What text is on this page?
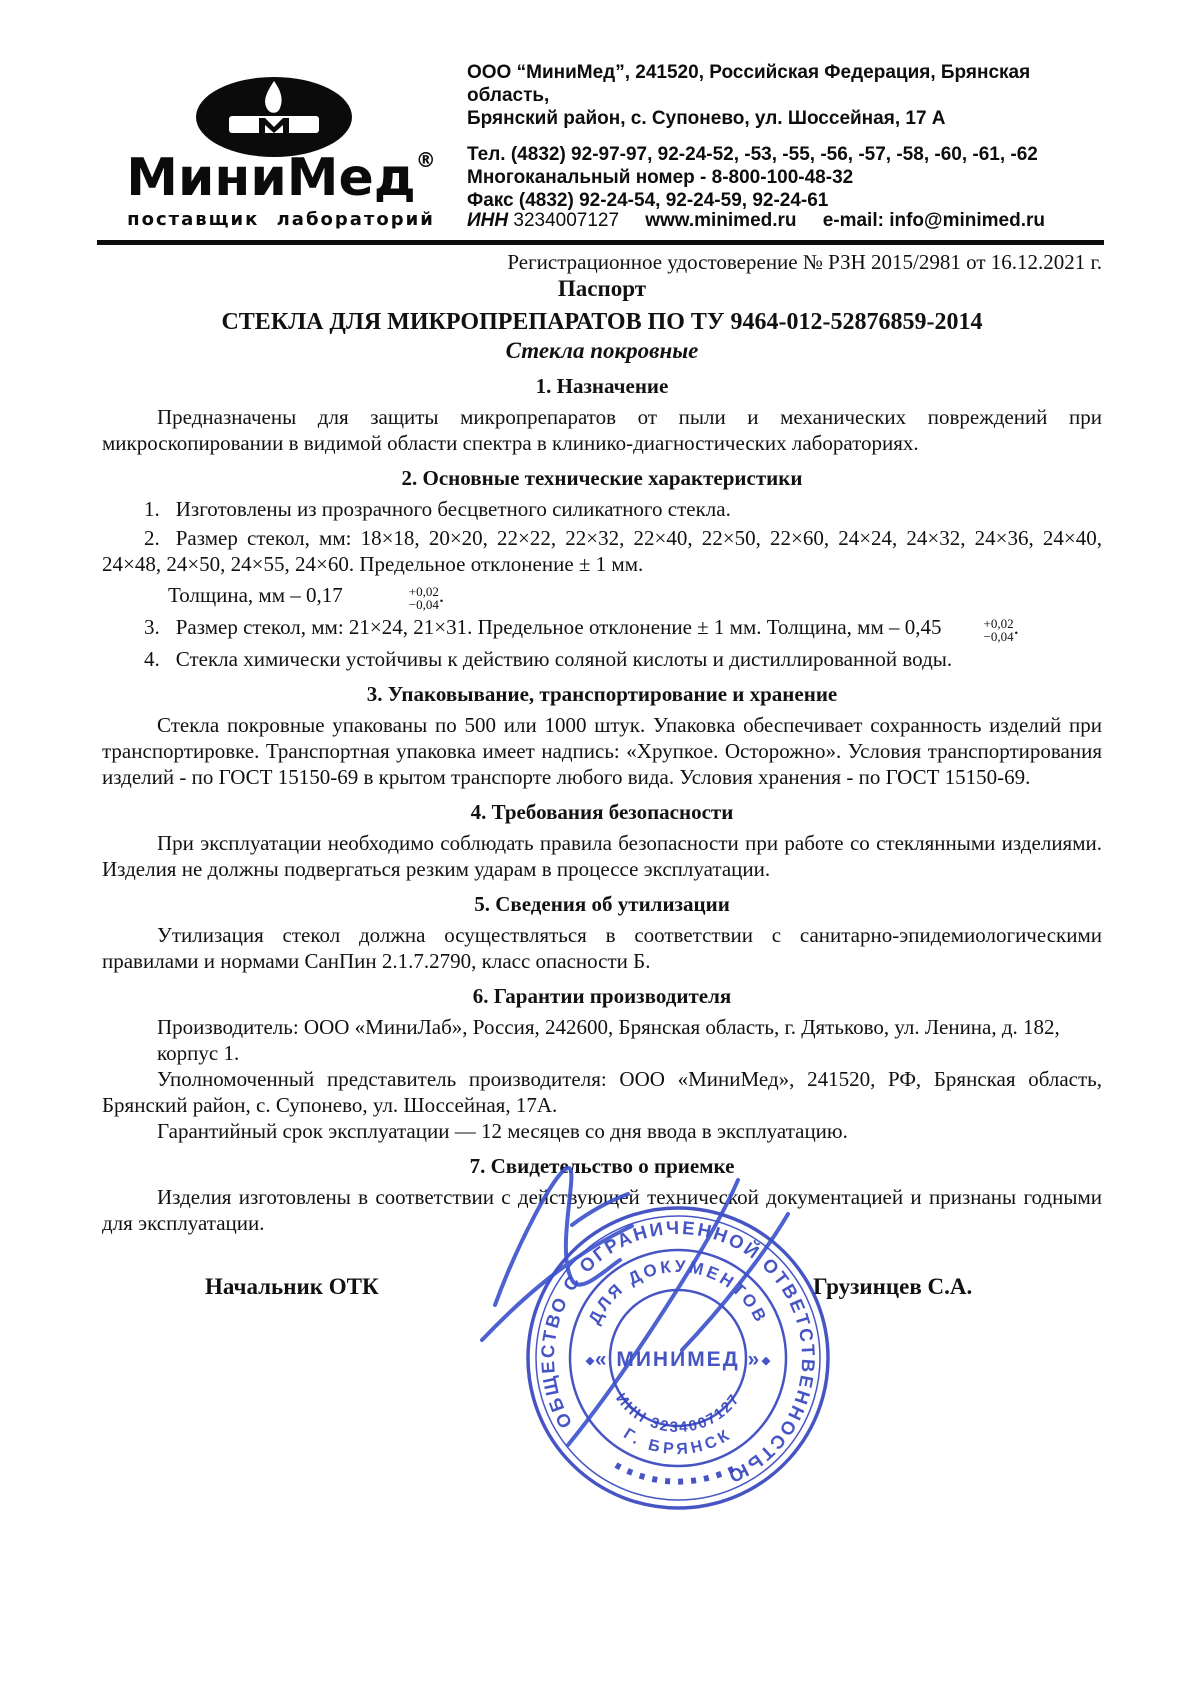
МиниМед®
поставщик лабораторий
ООО “МиниМед”, 241520, Российская Федерация, Брянская область,
Брянский район, с. Супонево, ул. Шоссейная, 17 А
Тел. (4832) 92-97-97, 92-24-52, -53, -55, -56, -57, -58, -60, -61, -62
Многоканальный номер - 8-800-100-48-32
Факс (4832) 92-24-54, 92-24-59, 92-24-61
ИНН 3234007127 www.minimed.ru e-mail: info@minimed.ru
Регистрационное удостоверение № РЗН 2015/2981 от 16.12.2021 г.
Паспорт
СТЕКЛА ДЛЯ МИКРОПРЕПАРАТОВ ПО ТУ 9464-012-52876859-2014
Стекла покровные
1. Назначение

Предназначены для защиты микропрепаратов от пыли и механических повреждений при микроскопировании в видимой области спектра в клинико-диагностических лабораториях.

2. Основные технические характеристики

1. Изготовлены из прозрачного бесцветного силикатного стекла.

2. Размер стекол, мм: 18×18, 20×20, 22×22, 22×32, 22×40, 22×50, 22×60, 24×24, 24×32, 24×36, 24×40, 24×48, 24×50, 24×55, 24×60. Предельное отклонение ± 1 мм.

Толщина, мм – 0,17	+0,02
−0,04 .

3. Размер стекол, мм: 21×24, 21×31. Предельное отклонение ± 1 мм. Толщина, мм – 0,45	+0,02
−0,04 .

4. Стекла химически устойчивы к действию соляной кислоты и дистиллированной воды.

3. Упаковывание, транспортирование и хранение

Стекла покровные упакованы по 500 или 1000 штук. Упаковка обеспечивает сохранность изделий при транспортировке. Транспортная упаковка имеет надпись: «Хрупкое. Осторожно». Условия транспортирования изделий - по ГОСТ 15150-69 в крытом транспорте любого вида. Условия хранения - по ГОСТ 15150-69.

4. Требования безопасности

При эксплуатации необходимо соблюдать правила безопасности при работе со стеклянными изделиями. Изделия не должны подвергаться резким ударам в процессе эксплуатации.

5. Сведения об утилизации

Утилизация стекол должна осуществляться в соответствии с санитарно-эпидемиологическими правилами и нормами СанПин 2.1.7.2790, класс опасности Б.

6. Гарантии производителя

Производитель: ООО «МиниЛаб», Россия, 242600, Брянская область, г. Дятьково, ул. Ленина, д. 182,

корпус 1.

Уполномоченный представитель производителя: ООО «МиниМед», 241520, РФ, Брянская область, Брянский район, с. Супонево, ул. Шоссейная, 17А.

Гарантийный срок эксплуатации — 12 месяцев со дня ввода в эксплуатацию.

7. Свидетельство о приемке

Изделия изготовлены в соответствии с действующей технической документацией и признаны годными для эксплуатации.

Начальник ОТК	Грузинцев С.А.
ОБЩЕСТВО С ОГРАНИЧЕННОЙ ОТВЕТСТВЕННОСТЬЮ
ДЛЯ ДОКУМЕНТОВ
ИНН 3234007127
Г. БРЯНСК
« МИНИМЕД »
◆	◆
